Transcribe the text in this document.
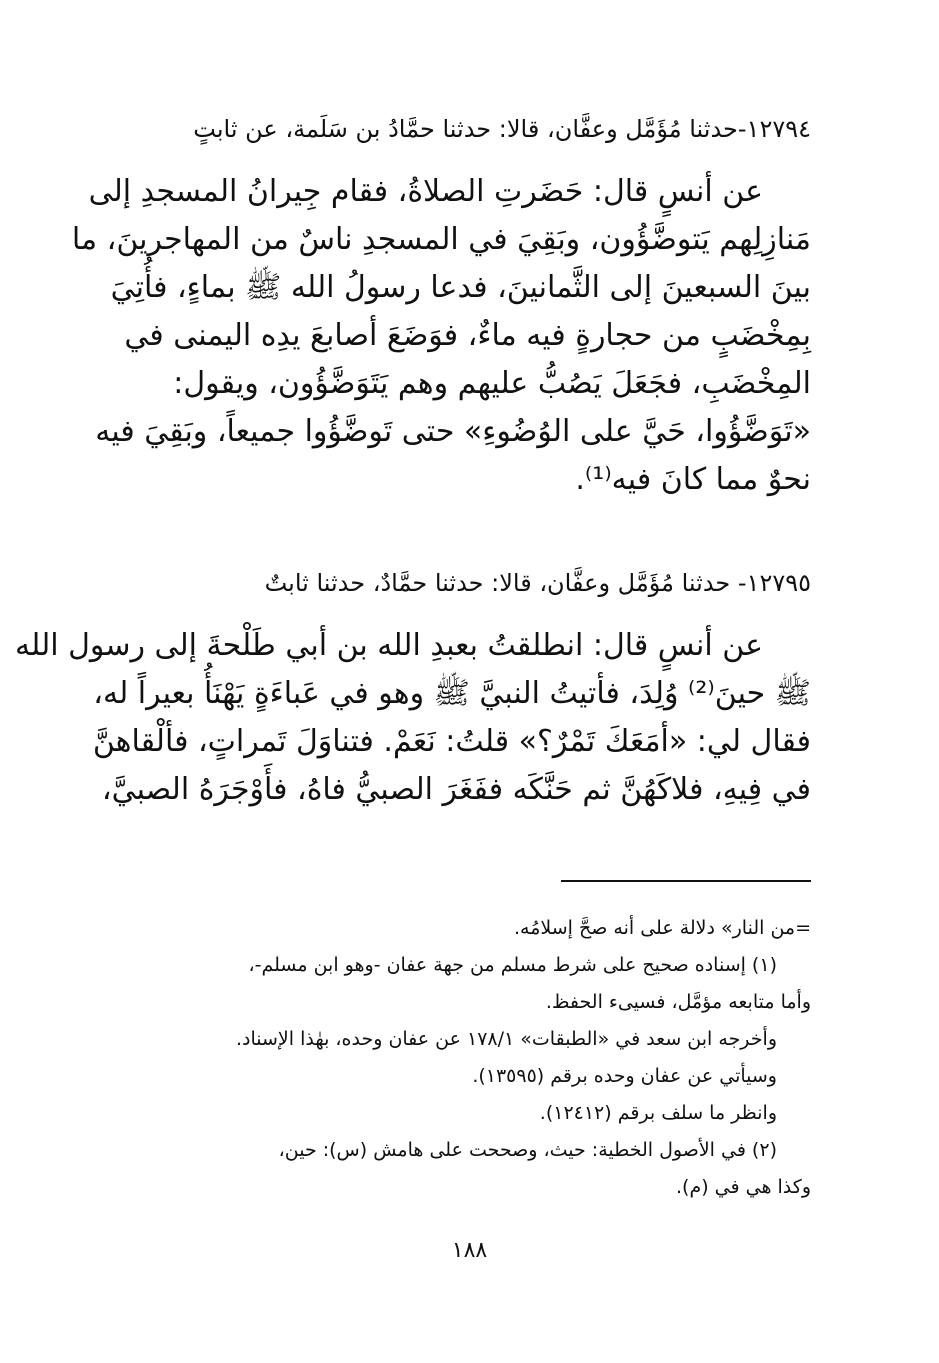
١٢٧٩٤-حدثنا مُؤَمَّل وعفَّان، قالا: حدثنا حمَّادُ بن سَلَمة، عن ثابتٍ
عن أنسٍ قال: حَضَرتِ الصلاةُ، فقام جِيرانُ المسجدِ إلى
مَنازِلِهم يَتوضَّؤُون، وبَقِيَ في المسجدِ ناسٌ من المهاجرينَ، ما
بينَ السبعينَ إلى الثَّمانينَ، فدعا رسولُ الله ﷺ بماءٍ، فأُتِيَ
بِمِخْضَبٍ من حجارةٍ فيه ماءٌ، فوَضَعَ أصابعَ يدِه اليمنى في
المِخْضَبِ، فجَعَلَ يَصُبُّ عليهم وهم يَتَوَضَّؤُون، ويقول:
«تَوَضَّؤُوا، حَيَّ على الوُضُوءِ» حتى تَوضَّؤُوا جميعاً، وبَقِيَ فيه
نحوٌ مما كانَ فيه⁽¹⁾.
١٢٧٩٥- حدثنا مُؤَمَّل وعفَّان، قالا: حدثنا حمَّادٌ، حدثنا ثابتٌ
عن أنسٍ قال: انطلقتُ بعبدِ الله بن أبي طَلْحةَ إلى رسول الله
ﷺ حينَ⁽²⁾ وُلِدَ، فأتيتُ النبيَّ ﷺ وهو في عَباءَةٍ يَهْنَأُ بعيراً له،
فقال لي: «أمَعَكَ تَمْرٌ؟» قلتُ: نَعَمْ. فتناوَلَ تَمراتٍ، فألْقاهنَّ
في فِيهِ، فلاكَهُنَّ ثم حَنَّكَه ففَغَرَ الصبيُّ فاهُ، فأَوْجَرَهُ الصبيَّ،
=من النار» دلالة على أنه صحَّ إسلامُه.
(١) إسناده صحيح على شرط مسلم من جهة عفان -وهو ابن مسلم-،
وأما متابعه مؤمَّل، فسيىء الحفظ.
وأخرجه ابن سعد في «الطبقات» ١٧٨/١ عن عفان وحده، بهٰذا الإسناد.
وسيأتي عن عفان وحده برقم (١٣٥٩٥).
وانظر ما سلف برقم (١٢٤١٢).
(٢) في الأصول الخطية: حيث، وصححت على هامش (س): حين،
وكذا هي في (م).
١٨٨
